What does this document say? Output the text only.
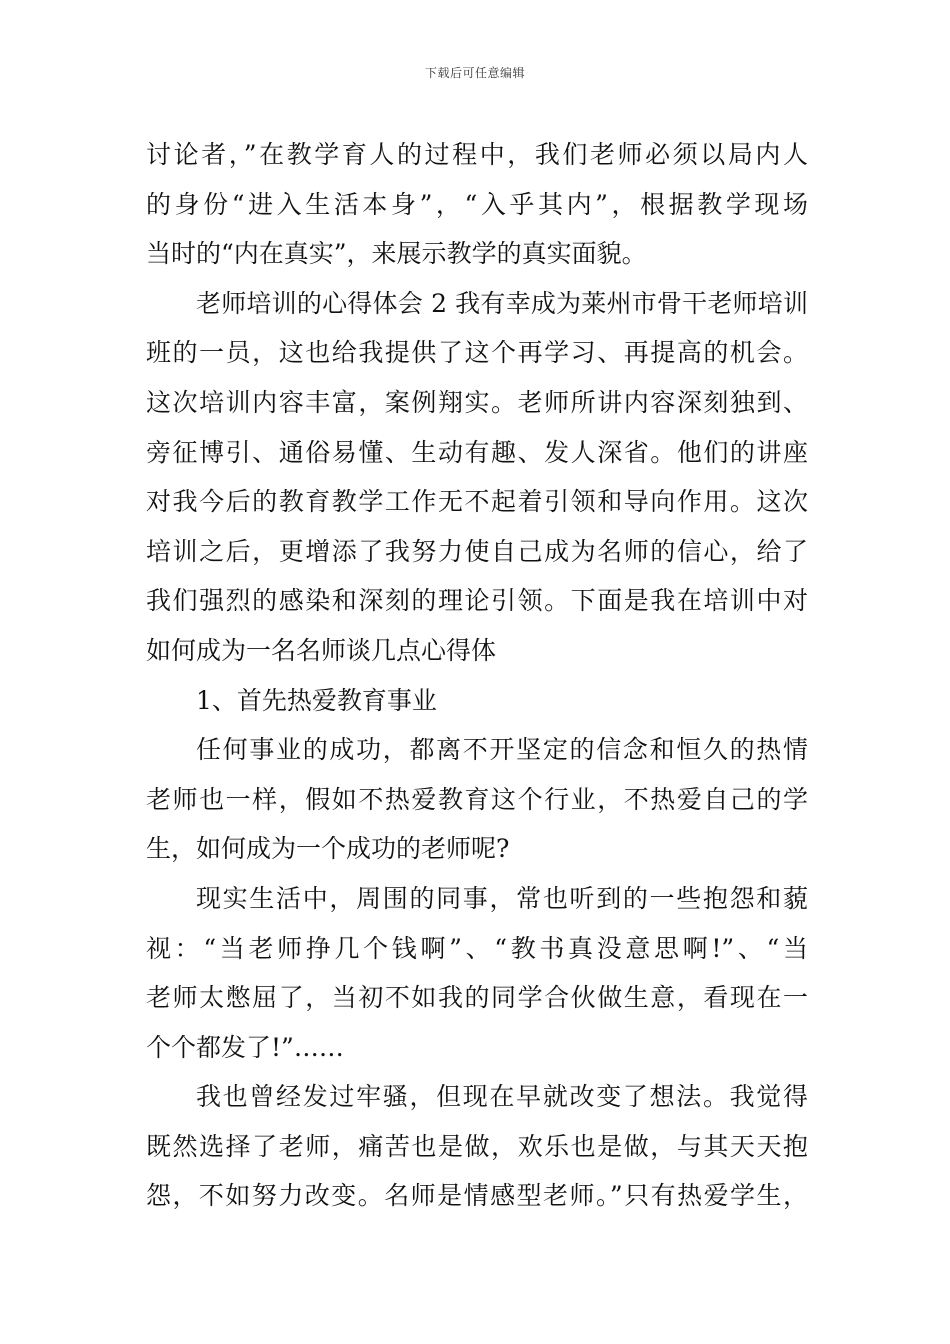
下载后可任意编辑
讨论者，”在教学育人的过程中，我们老师必须以局内人
的身份“进入生活本身”，“入乎其内”，根据教学现场
当时的“内在真实”，来展示教学的真实面貌。
老师培训的心得体会 2 我有幸成为莱州市骨干老师培训
班的一员，这也给我提供了这个再学习、再提高的机会。
这次培训内容丰富，案例翔实。老师所讲内容深刻独到、
旁征博引、通俗易懂、生动有趣、发人深省。他们的讲座
对我今后的教育教学工作无不起着引领和导向作用。这次
培训之后，更增添了我努力使自己成为名师的信心，给了
我们强烈的感染和深刻的理论引领。下面是我在培训中对
如何成为一名名师谈几点心得体
1、首先热爱教育事业
任何事业的成功，都离不开坚定的信念和恒久的热情
老师也一样，假如不热爱教育这个行业，不热爱自己的学
生，如何成为一个成功的老师呢?
现实生活中，周围的同事，常也听到的一些抱怨和藐
视：“当老师挣几个钱啊”、“教书真没意思啊!”、“当
老师太憋屈了，当初不如我的同学合伙做生意，看现在一
个个都发了!”……
我也曾经发过牢骚，但现在早就改变了想法。我觉得
既然选择了老师，痛苦也是做，欢乐也是做，与其天天抱
怨，不如努力改变。名师是情感型老师。”只有热爱学生，
